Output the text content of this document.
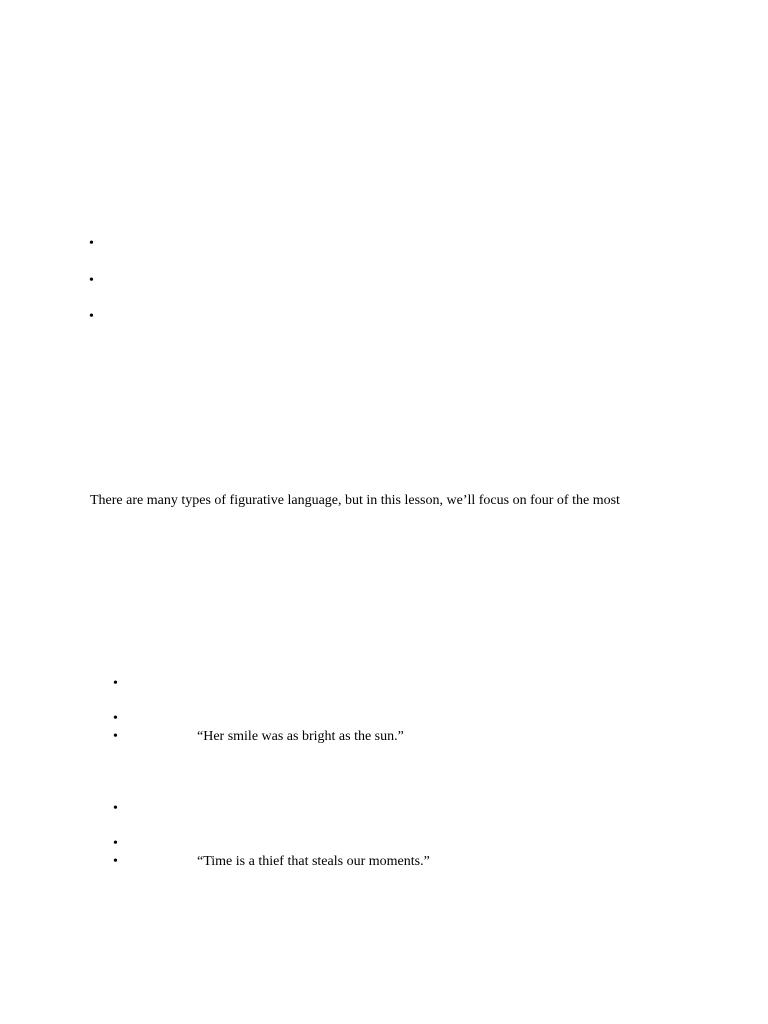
•
•
•

There are many types of figurative language, but in this lesson, we’ll focus on four of the most

•
•
•	“Her smile was as bright as the sun.”
•
•
•	“Time is a thief that steals our moments.”
